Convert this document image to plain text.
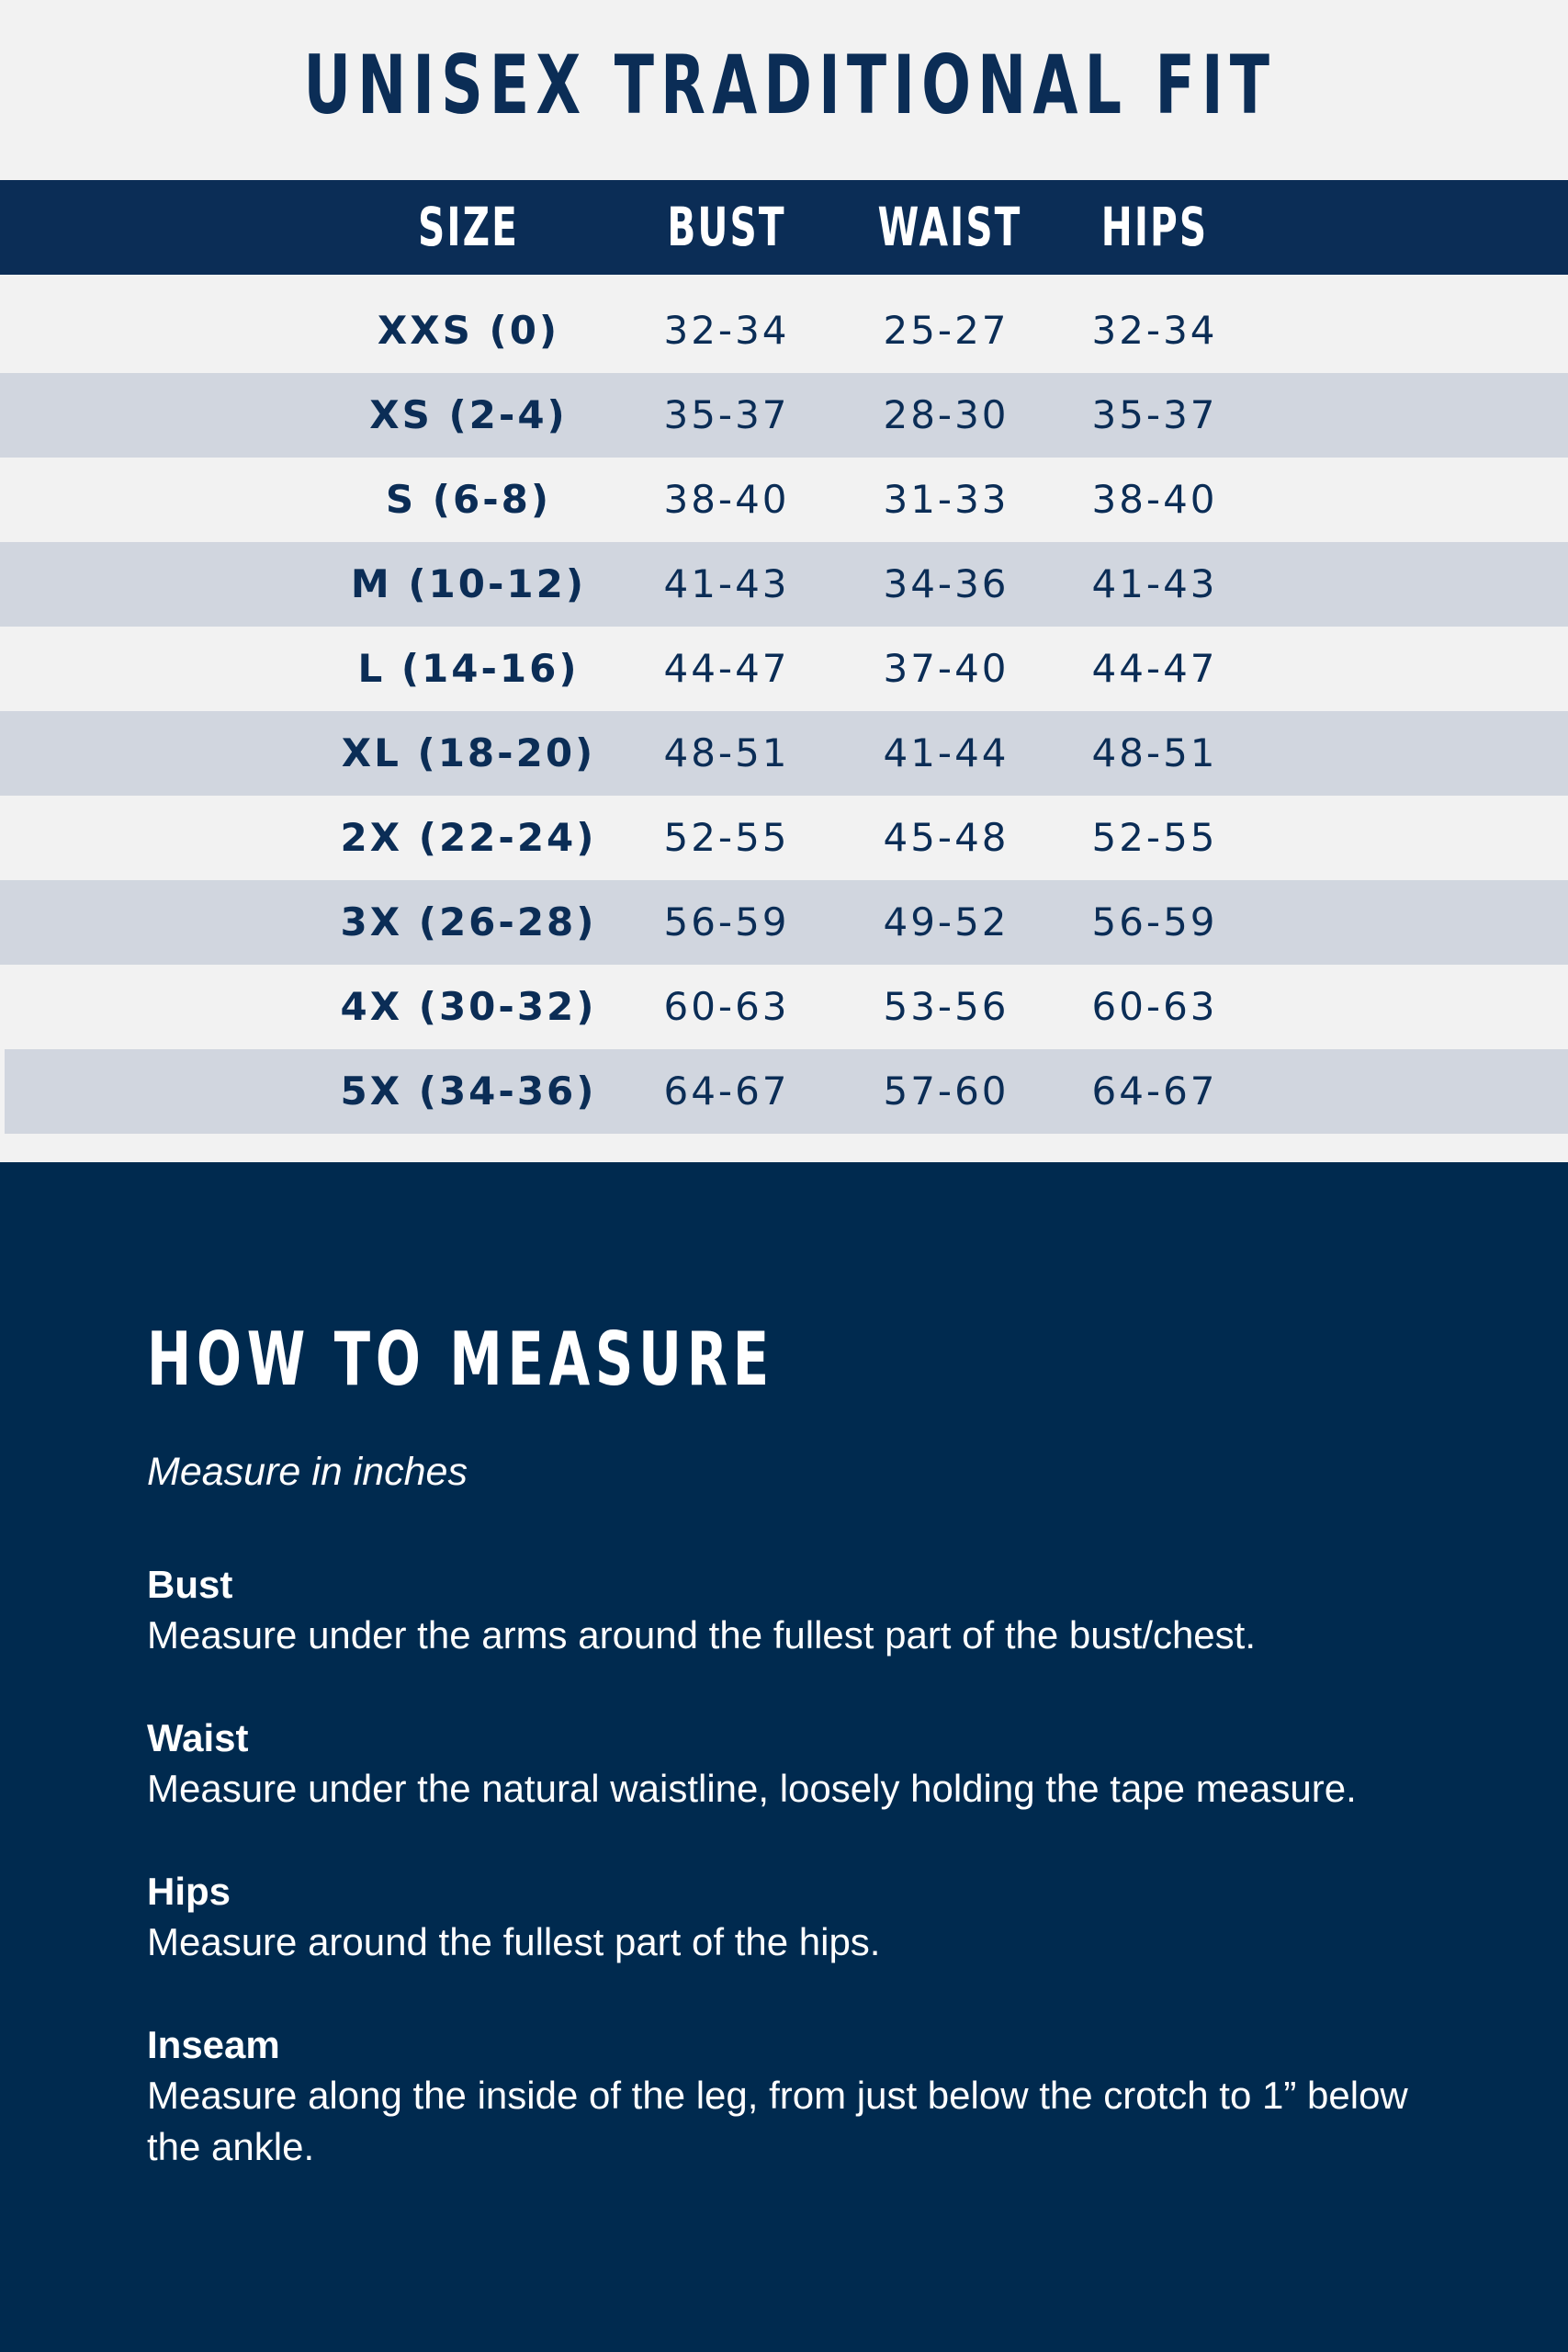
UNISEX TRADITIONAL FIT
SIZE	BUST	WAIST	HIPS
XXS (0)	32-34	25-27	32-34
XS (2-4)	35-37	28-30	35-37
S (6-8)	38-40	31-33	38-40
M (10-12)	41-43	34-36	41-43
L (14-16)	44-47	37-40	44-47
XL (18-20)	48-51	41-44	48-51
2X (22-24)	52-55	45-48	52-55
3X (26-28)	56-59	49-52	56-59
4X (30-32)	60-63	53-56	60-63
5X (34-36)	64-67	57-60	64-67
HOW TO MEASURE
Measure in inches
Bust
Measure under the arms around the fullest part of the bust/chest.
Waist
Measure under the natural waistline, loosely holding the tape measure.
Hips
Measure around the fullest part of the hips.
Inseam
Measure along the inside of the leg, from just below the crotch to 1” below the ankle.
